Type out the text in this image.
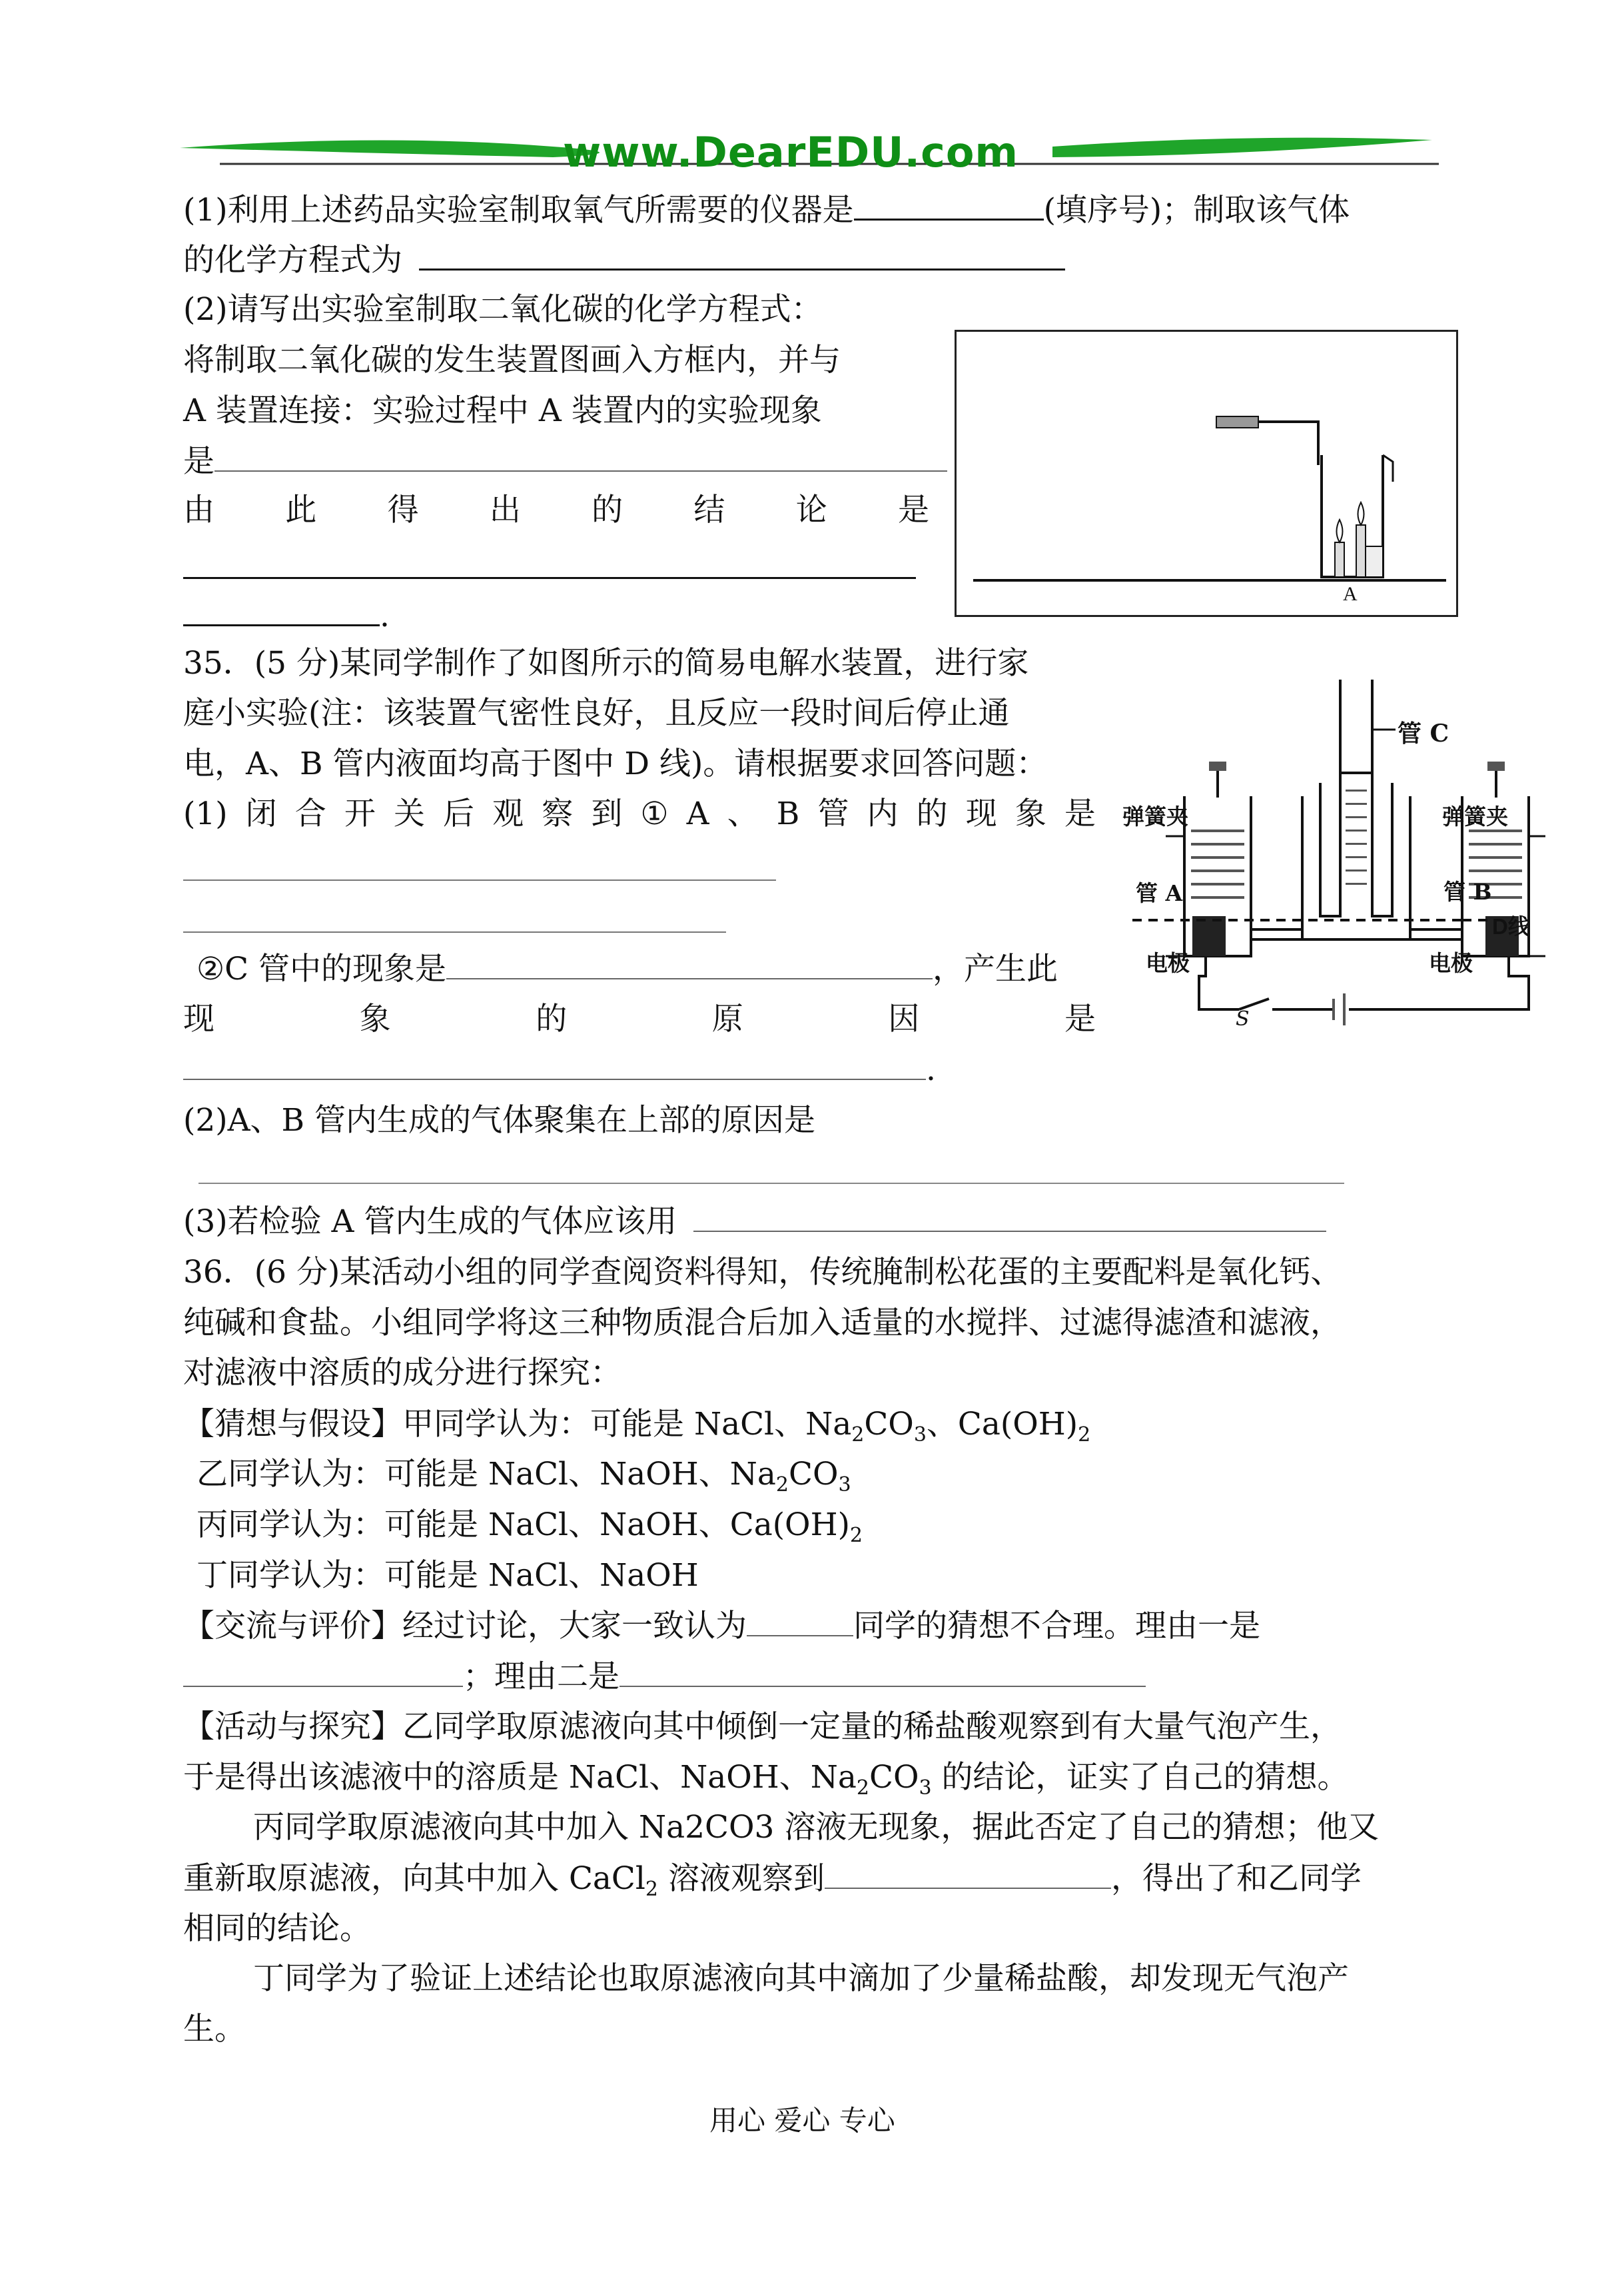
www.DearEDU.com
(1)利用上述药品实验室制取氧气所需要的仪器是	(填序号)；制取该气体
的化学方程式为
(2)请写出实验室制取二氧化碳的化学方程式：
将制取二氧化碳的发生装置图画入方框内，并与
A 装置连接：实验过程中 A 装置内的实验现象
是
由 此 得 出 的 结 论 是
.
A
35．(5 分)某同学制作了如图所示的简易电解水装置，进行家
庭小实验(注：该装置气密性良好，且反应一段时间后停止通
电，A、B 管内液面均高于图中 D 线)。请根据要求回答问题：
(1) 闭 合 开 关 后 观 察 到 ① A 、 B 管 内 的 现 象 是
②C 管中的现象是	，产生此
现	象	的	原	因	是
.
(2)A、B 管内生成的气体聚集在上部的原因是
(3)若检验 A 管内生成的气体应该用
管 C
弹簧夹	弹簧夹
管 A	管 B
D线
电极	电极
S
36．(6 分)某活动小组的同学查阅资料得知，传统腌制松花蛋的主要配料是氧化钙、
纯碱和食盐。小组同学将这三种物质混合后加入适量的水搅拌、过滤得滤渣和滤液，
对滤液中溶质的成分进行探究：
【猜想与假设】甲同学认为：可能是 NaCl、$Na_2CO_3$、$Ca(OH)_2$
乙同学认为：可能是 NaCl、NaOH、$Na_2CO_3$
丙同学认为：可能是 NaCl、NaOH、$Ca(OH)_2$
丁同学认为：可能是 NaCl、NaOH
【交流与评价】经过讨论，大家一致认为	同学的猜想不合理。理由一是
；理由二是
【活动与探究】乙同学取原滤液向其中倾倒一定量的稀盐酸观察到有大量气泡产生，
于是得出该滤液中的溶质是 NaCl、NaOH、$Na_2CO_3$ 的结论，证实了自己的猜想。
丙同学取原滤液向其中加入 Na2CO3 溶液无现象，据此否定了自己的猜想；他又
重新取原滤液，向其中加入 CaCl$_2$ 溶液观察到	，得出了和乙同学
相同的结论。
丁同学为了验证上述结论也取原滤液向其中滴加了少量稀盐酸，却发现无气泡产
生。
用心 爱心 专心
